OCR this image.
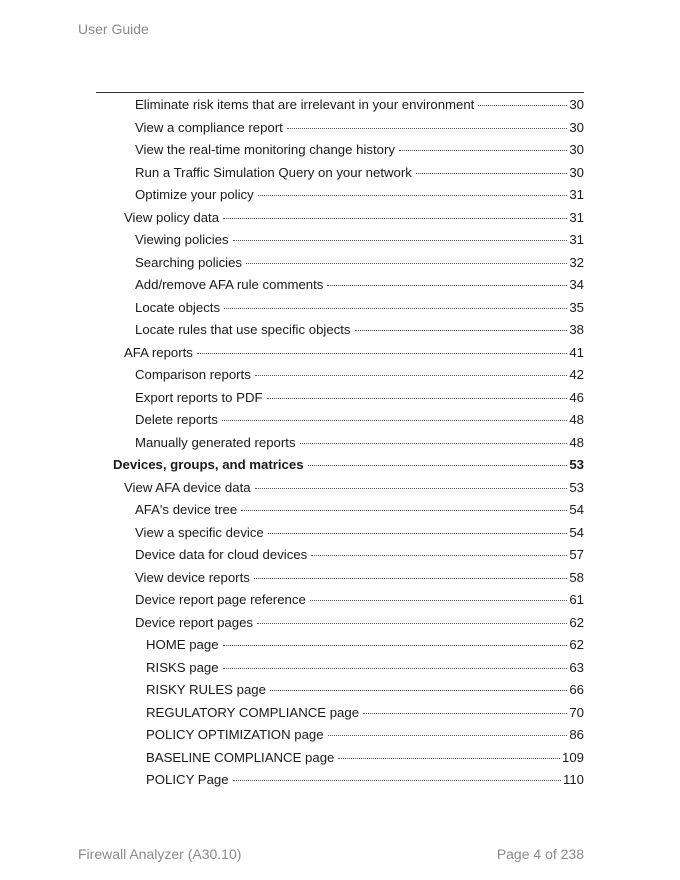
User Guide
Eliminate risk items that are irrelevant in your environment	30
View a compliance report	30
View the real-time monitoring change history	30
Run a Traffic Simulation Query on your network	30
Optimize your policy	31
View policy data	31
Viewing policies	31
Searching policies	32
Add/remove AFA rule comments	34
Locate objects	35
Locate rules that use specific objects	38
AFA reports	41
Comparison reports	42
Export reports to PDF	46
Delete reports	48
Manually generated reports	48
Devices, groups, and matrices	53
View AFA device data	53
AFA's device tree	54
View a specific device	54
Device data for cloud devices	57
View device reports	58
Device report page reference	61
Device report pages	62
HOME page	62
RISKS page	63
RISKY RULES page	66
REGULATORY COMPLIANCE page	70
POLICY OPTIMIZATION page	86
BASELINE COMPLIANCE page	109
POLICY Page	110
Firewall Analyzer (A30.10)	Page 4 of 238
